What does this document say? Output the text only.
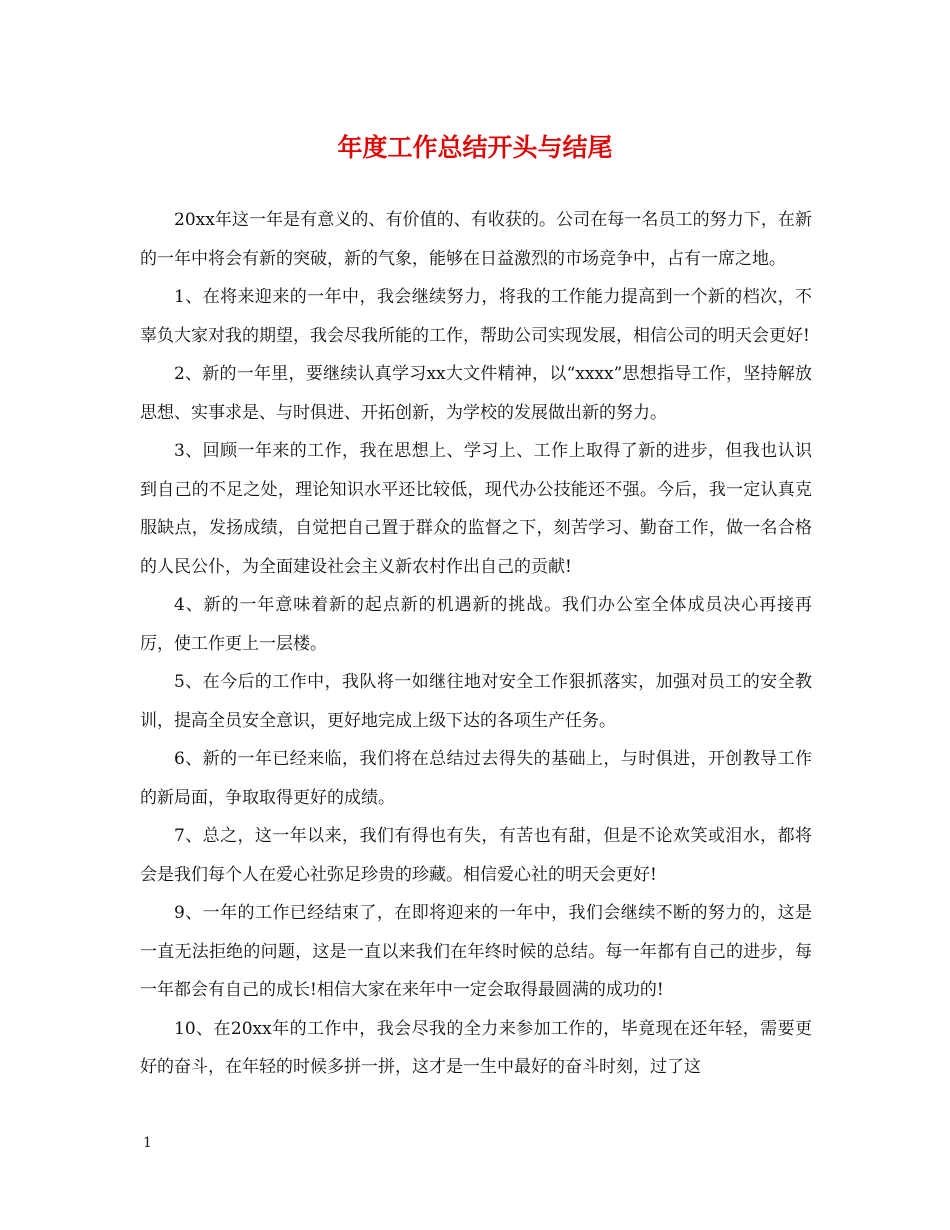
年度工作总结开头与结尾

20xx年这一年是有意义的、有价值的、有收获的。公司在每一名员工的努力下，在新的一年中将会有新的突破，新的气象，能够在日益激烈的市场竞争中，占有一席之地。

1、在将来迎来的一年中，我会继续努力，将我的工作能力提高到一个新的档次，不辜负大家对我的期望，我会尽我所能的工作，帮助公司实现发展，相信公司的明天会更好!

2、新的一年里，要继续认真学习xx大文件精神，以“xxxx”思想指导工作，坚持解放思想、实事求是、与时俱进、开拓创新，为学校的发展做出新的努力。

3、回顾一年来的工作，我在思想上、学习上、工作上取得了新的进步，但我也认识到自己的不足之处，理论知识水平还比较低，现代办公技能还不强。今后，我一定认真克服缺点，发扬成绩，自觉把自己置于群众的监督之下，刻苦学习、勤奋工作，做一名合格的人民公仆，为全面建设社会主义新农村作出自己的贡献!

4、新的一年意味着新的起点新的机遇新的挑战。我们办公室全体成员决心再接再厉，使工作更上一层楼。

5、在今后的工作中，我队将一如继往地对安全工作狠抓落实，加强对员工的安全教训，提高全员安全意识，更好地完成上级下达的各项生产任务。

6、新的一年已经来临，我们将在总结过去得失的基础上，与时俱进，开创教导工作的新局面，争取取得更好的成绩。

7、总之，这一年以来，我们有得也有失，有苦也有甜，但是不论欢笑或泪水，都将会是我们每个人在爱心社弥足珍贵的珍藏。相信爱心社的明天会更好!

9、一年的工作已经结束了，在即将迎来的一年中，我们会继续不断的努力的，这是一直无法拒绝的问题，这是一直以来我们在年终时候的总结。每一年都有自己的进步，每一年都会有自己的成长!相信大家在来年中一定会取得最圆满的成功的!

10、在20xx年的工作中，我会尽我的全力来参加工作的，毕竟现在还年轻，需要更好的奋斗，在年轻的时候多拼一拼，这才是一生中最好的奋斗时刻，过了这

1
